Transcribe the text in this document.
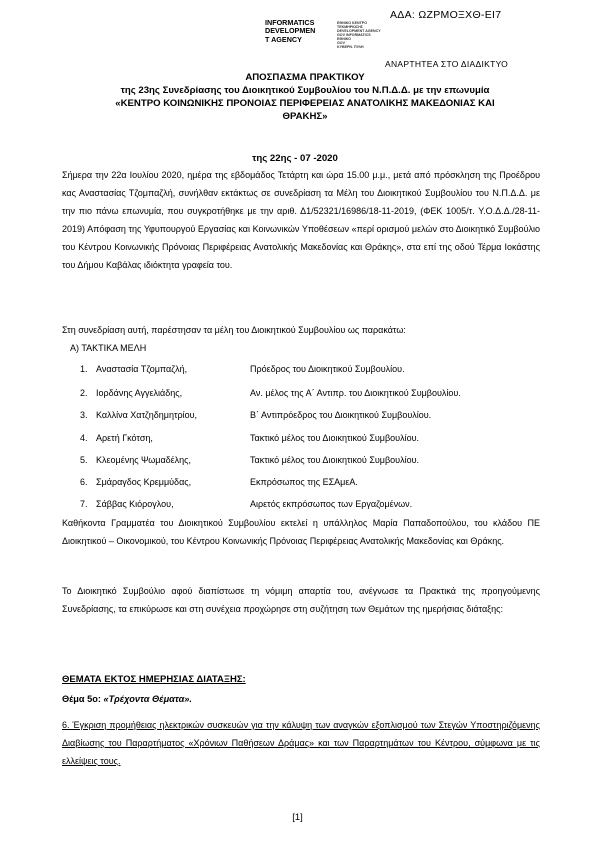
ΑΔΑ: ΩΖΡΜΟΞΧΘ-ΕΙ7
INFORMATICS
DEVELOPMEN
T AGENCY
ΕΘΝΙΚΟ ΚΕΝΤΡΟ
ΤΕΚΜΗΡΙΩΣΗΣ
DEVELOPMENT AGENCY
GOV INFORMATICS
ΕΘΝΙΚΟ
GOV
ΚΥΒΕΡΝ. ΠΥΛΗ
ΑΝΑΡΤΗΤΕΑ ΣΤΟ ΔΙΑΔΙΚΤΥΟ
ΑΠΟΣΠΑΣΜΑ ΠΡΑΚΤΙΚΟΥ
της 23ης Συνεδρίασης του Διοικητικού Συμβουλίου του Ν.Π.Δ.Δ. με την επωνυμία
«ΚΕΝΤΡΟ ΚΟΙΝΩΝΙΚΗΣ ΠΡΟΝΟΙΑΣ ΠΕΡΙΦΕΡΕΙΑΣ ΑΝΑΤΟΛΙΚΗΣ ΜΑΚΕΔΟΝΙΑΣ ΚΑΙ
ΘΡΑΚΗΣ»
της 22ης - 07 -2020
Σήμερα την 22α Ιουλίου 2020, ημέρα της εβδομάδος Τετάρτη και ώρα 15.00 μ.μ., μετά από πρόσκληση της Προέδρου κας Αναστασίας Τζομπαζλή, συνήλθαν εκτάκτως σε συνεδρίαση τα Μέλη του Διοικητικού Συμβουλίου του Ν.Π.Δ.Δ. με την πιο πάνω επωνυμία, που συγκροτήθηκε με την αριθ. Δ1/52321/16986/18-11-2019, (ΦΕΚ 1005/τ. Υ.Ο.Δ.Δ./28-11-2019) Απόφαση της Υφυπουργού Εργασίας και Κοινωνικών Υποθέσεων «περί ορισμού μελών στο Διοικητικό Συμβούλιο του Κέντρου Κοινωνικής Πρόνοιας Περιφέρειας Ανατολικής Μακεδονίας και Θράκης», στα επί της οδού Τέρμα Ιοκάστης του Δήμου Καβάλας ιδιόκτητα γραφεία του.
Στη συνεδρίαση αυτή, παρέστησαν τα μέλη του Διοικητικού Συμβουλίου ως παρακάτω:
Α) ΤΑΚΤΙΚΑ ΜΕΛΗ
1. Αναστασία Τζομπαζλή,	Πρόεδρος του Διοικητικού Συμβουλίου.
2. Ιορδάνης Αγγελιάδης,	Αν. μέλος της Α΄ Αντιπρ. του Διοικητικού Συμβουλίου.
3. Καλλίνα Χατζηδημητρίου,	Β΄ Αντιπρόεδρος του Διοικητικού Συμβουλίου.
4. Αρετή Γκότση,	Τακτικό μέλος του Διοικητικού Συμβουλίου.
5. Κλεομένης Ψωμαδέλης,	Τακτικό μέλος του Διοικητικού Συμβουλίου.
6. Σμάραγδος Κρεμμύδας,	Εκπρόσωπος της ΕΣΑμεΑ.
7. Σάββας Κιόρογλου,	Αιρετός εκπρόσωπος των Εργαζομένων.
Καθήκοντα Γραμματέα του Διοικητικού Συμβουλίου εκτελεί η υπάλληλος Μαρία Παπαδοπούλου, του κλάδου ΠΕ Διοικητικού – Οικονομικού, του Κέντρου Κοινωνικής Πρόνοιας Περιφέρειας Ανατολικής Μακεδονίας και Θράκης.
Το Διοικητικό Συμβούλιο αφού διαπίστωσε τη νόμιμη απαρτία του, ανέγνωσε τα Πρακτικά της προηγούμενης Συνεδρίασης, τα επικύρωσε και στη συνέχεια προχώρησε στη συζήτηση των Θεμάτων της ημερήσιας διάταξης:
ΘΕΜΑΤΑ ΕΚΤΟΣ ΗΜΕΡΗΣΙΑΣ ΔΙΑΤΑΞΗΣ:
Θέμα 5ο: «Τρέχοντα Θέματα».
6. Έγκριση προμήθειας ηλεκτρικών συσκευών για την κάλυψη των αναγκών εξοπλισμού των Στεγών Υποστηριζόμενης Διαβίωσης του Παραρτήματος «Χρόνιων Παθήσεων Δράμας» και των Παραρτημάτων του Κέντρου, σύμφωνα με τις ελλείψεις τους.
[1]
